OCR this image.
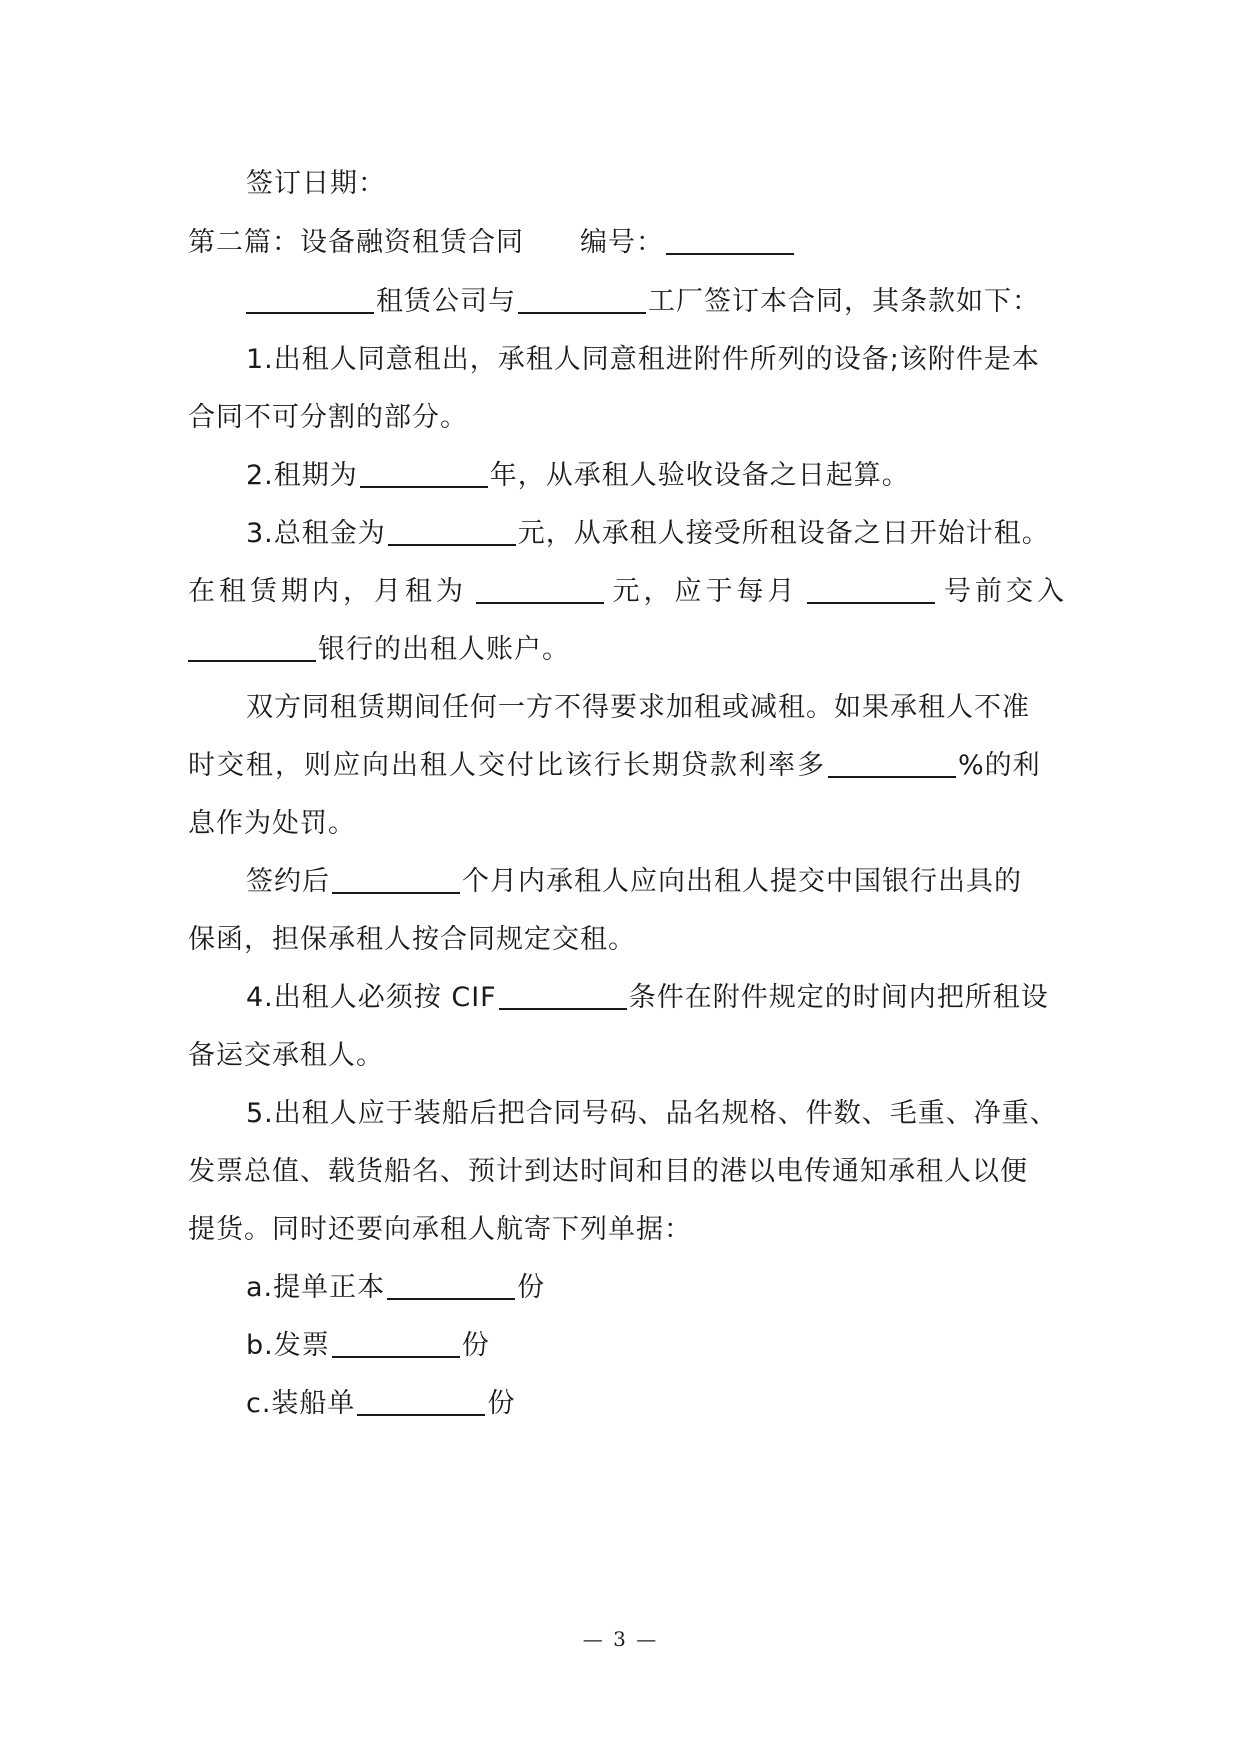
签订日期：
第二篇：设备融资租赁合同 编号：
租赁公司与	工厂签订本合同，其条款如下：
1.出租人同意租出，承租人同意租进附件所列的设备;该附件是本
合同不可分割的部分。
2.租期为	年，从承租人验收设备之日起算。
3.总租金为	元，从承租人接受所租设备之日开始计租。
在租赁期内，月租为	元，应于每月	号前交入
银行的出租人账户。
双方同租赁期间任何一方不得要求加租或减租。如果承租人不准
时交租，则应向出租人交付比该行长期贷款利率多	%的利
息作为处罚。
签约后	个月内承租人应向出租人提交中国银行出具的
保函，担保承租人按合同规定交租。
4.出租人必须按 CIF	条件在附件规定的时间内把所租设
备运交承租人。
5.出租人应于装船后把合同号码、品名规格、件数、毛重、净重、
发票总值、载货船名、预计到达时间和目的港以电传通知承租人以便
提货。同时还要向承租人航寄下列单据：
a.提单正本	份
b.发票	份
c.装船单	份
— 3 —
